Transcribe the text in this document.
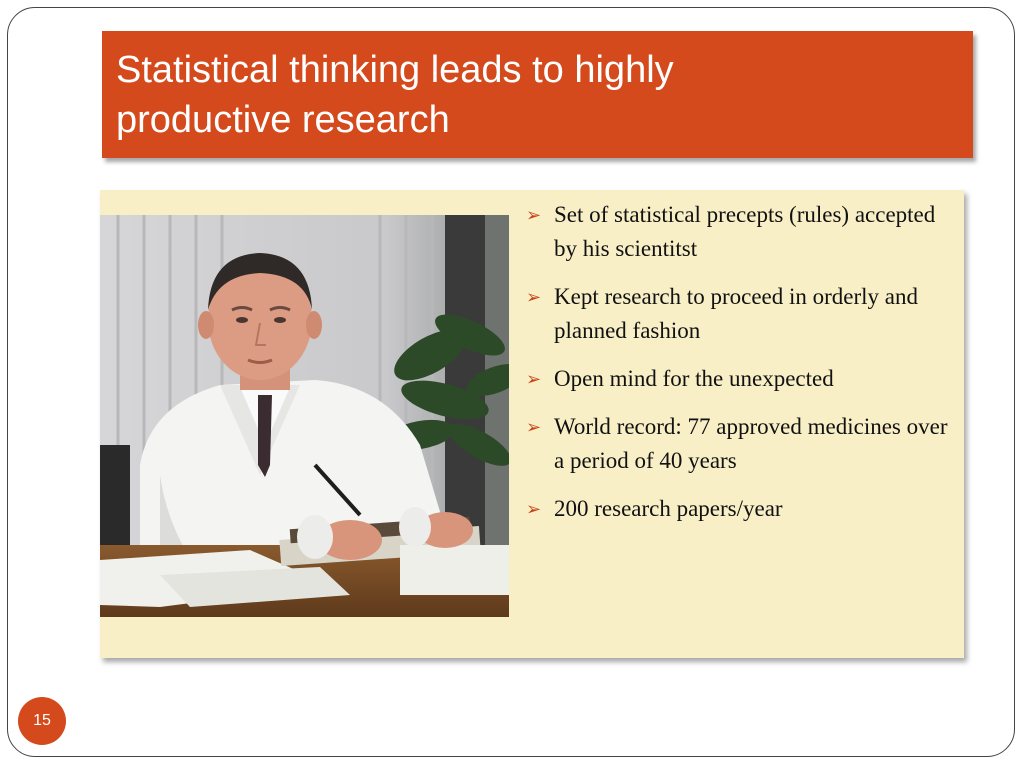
Statistical thinking leads to highly
productive research
➢ Set of statistical precepts (rules) accepted by his scientitst
➢ Kept research to proceed in orderly and planned fashion
➢ Open mind for the unexpected
➢ World record: 77 approved medicines over a period of 40 years
➢ 200 research papers/year
15
